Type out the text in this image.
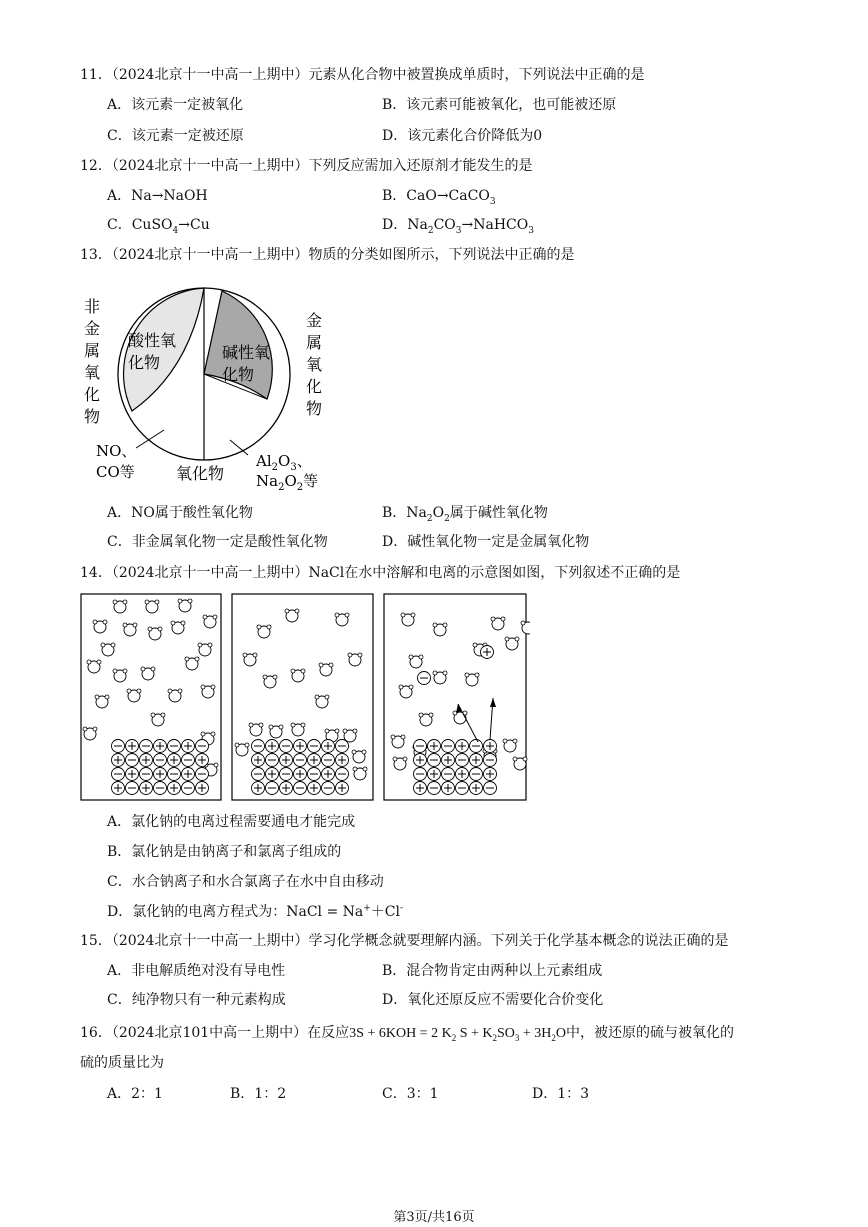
11．（2024北京十一中高一上期中）元素从化合物中被置换成单质时，下列说法中正确的是
A．该元素一定被氧化	B．该元素可能被氧化，也可能被还原
C．该元素一定被还原	D．该元素化合价降低为0
12．（2024北京十一中高一上期中）下列反应需加入还原剂才能发生的是
A．Na→NaOH	B．CaO→CaCO$_3$
C．CuSO$_4$→Cu	D．$Na_2CO_3\to NaHCO_3$
13．（2024北京十一中高一上期中）物质的分类如图所示，下列说法中正确的是
非 金 属 氧 化 物
金 属 氧 化 物
酸性氧 化物
碱性氧 化物
氧化物
NO、 CO等
$Al_2O_3$、
$Na_2O_2$等
A．NO属于酸性氧化物	B．$Na_2O_2$属于碱性氧化物
C．非金属氧化物一定是酸性氧化物	D．碱性氧化物一定是金属氧化物
14．（2024北京十一中高一上期中）NaCl在水中溶解和电离的示意图如图，下列叙述不正确的是
A．氯化钠的电离过程需要通电才能完成
B．氯化钠是由钠离子和氯离子组成的
C．水合钠离子和水合氯离子在水中自由移动
D．氯化钠的电离方程式为：NaCl = Na+＋Cl-
15．（2024北京十一中高一上期中）学习化学概念就要理解内涵。下列关于化学基本概念的说法正确的是
A．非电解质绝对没有导电性	B．混合物肯定由两种以上元素组成
C．纯净物只有一种元素构成	D．氧化还原反应不需要化合价变化
16．（2024北京101中高一上期中）在反应3S + 6KOH = 2 $K_2$ $S + K_2SO_3 + 3H_2O$中，被还原的硫与被氧化的
硫的质量比为
A．2：1	B．1：2	C．3：1	D．1：3
第3页/共16页
